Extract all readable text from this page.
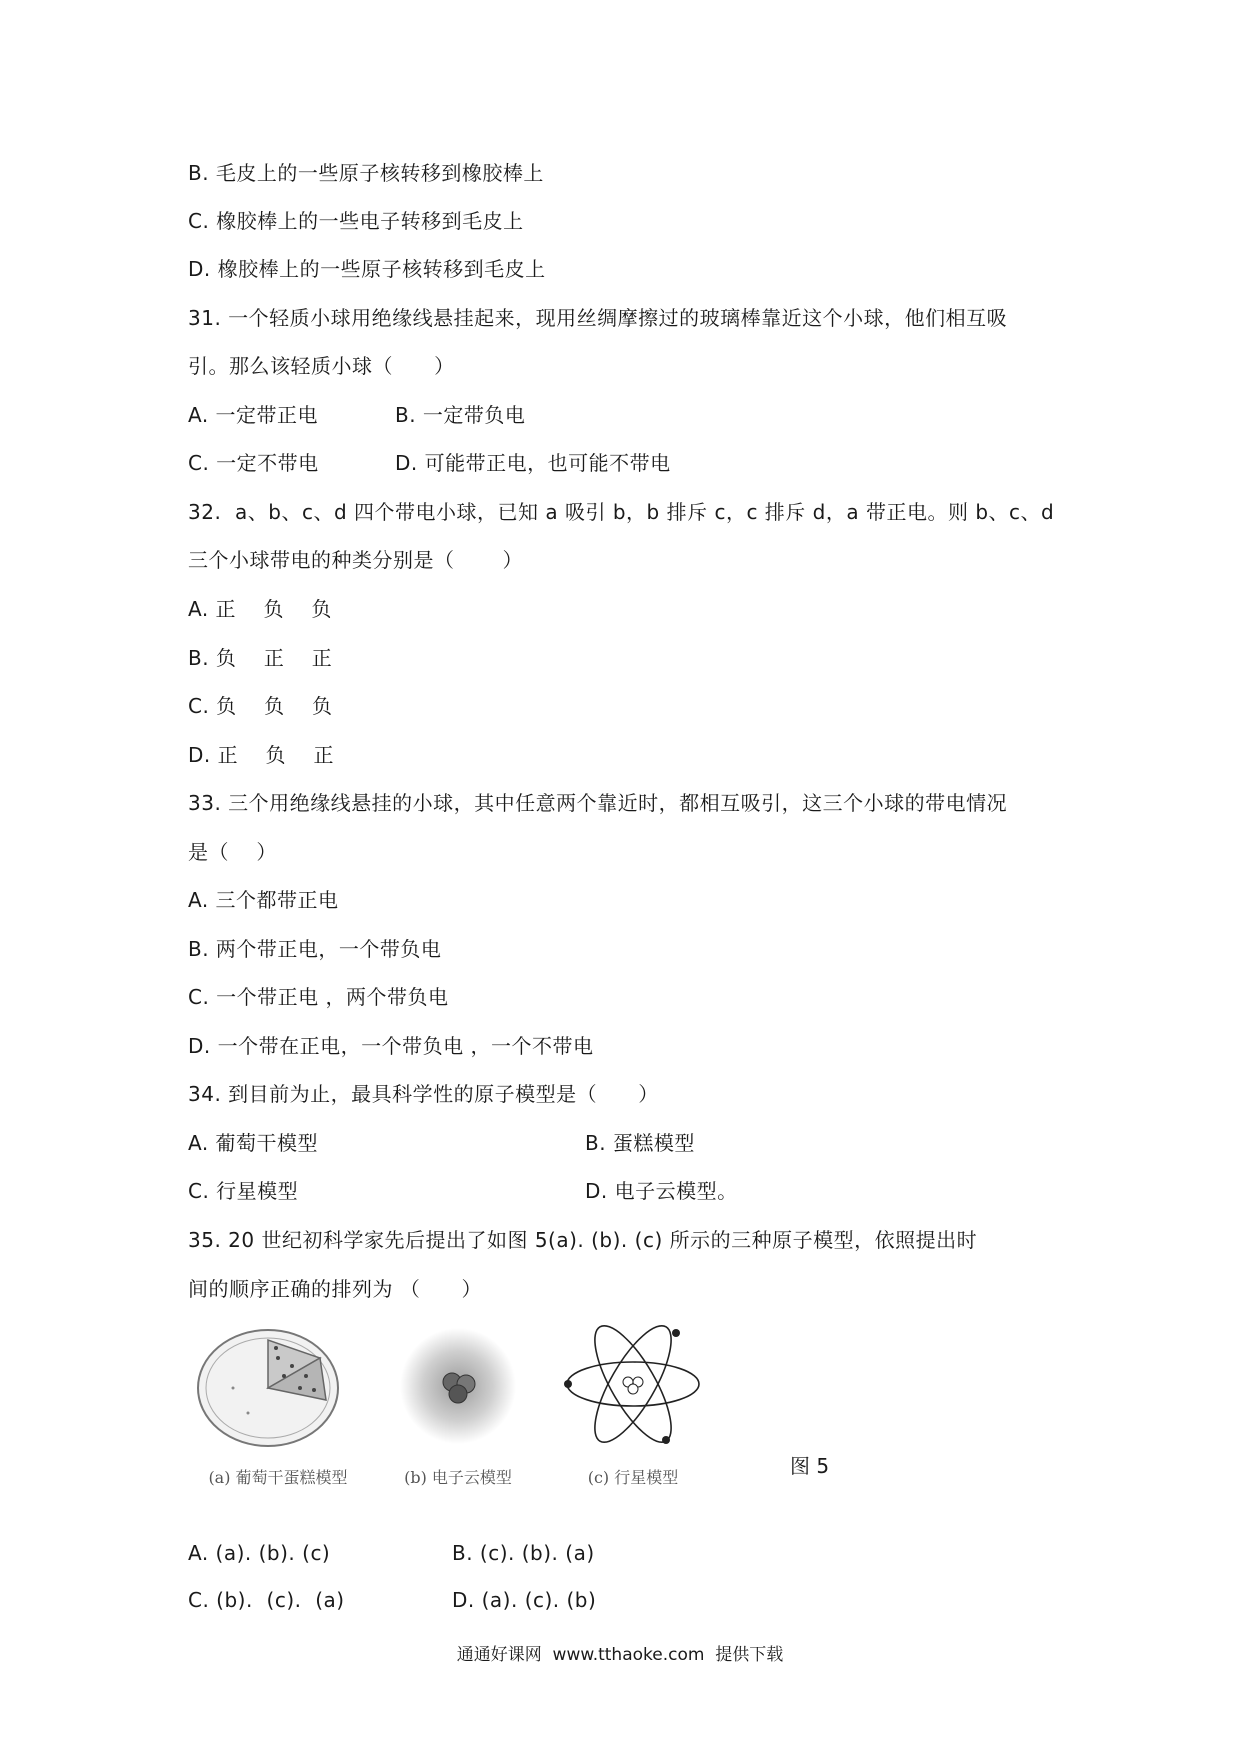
B. 毛皮上的一些原子核转移到橡胶棒上
C. 橡胶棒上的一些电子转移到毛皮上
D. 橡胶棒上的一些原子核转移到毛皮上
31. 一个轻质小球用绝缘线悬挂起来，现用丝绸摩擦过的玻璃棒靠近这个小球，他们相互吸
引。那么该轻质小球（      ）
A. 一定带正电	B. 一定带负电
C. 一定不带电	D. 可能带正电，也可能不带电
32.  a、b、c、d 四个带电小球，已知 a 吸引 b，b 排斥 c，c 排斥 d，a 带正电。则 b、c、d
三个小球带电的种类分别是（       ）
A. 正    负    负
B. 负    正    正
C. 负    负    负
D. 正    负    正
33. 三个用绝缘线悬挂的小球，其中任意两个靠近时，都相互吸引，这三个小球的带电情况
是（    ）
A. 三个都带正电
B. 两个带正电，一个带负电
C. 一个带正电 ，两个带负电
D. 一个带在正电，一个带负电 ，一个不带电
34. 到目前为止，最具科学性的原子模型是（      ）
A. 葡萄干模型	B. 蛋糕模型
C. 行星模型	D. 电子云模型。
35. 20 世纪初科学家先后提出了如图 5(a). (b). (c) 所示的三种原子模型，依照提出时
间的顺序正确的排列为 （      ）
(a) 葡萄干蛋糕模型	(b) 电子云模型	(c) 行星模型	图 5
A. (a). (b). (c)	B. (c). (b). (a)
C. (b).  (c).  (a)	D. (a). (c). (b)
通通好课网  www.tthaoke.com  提供下载
